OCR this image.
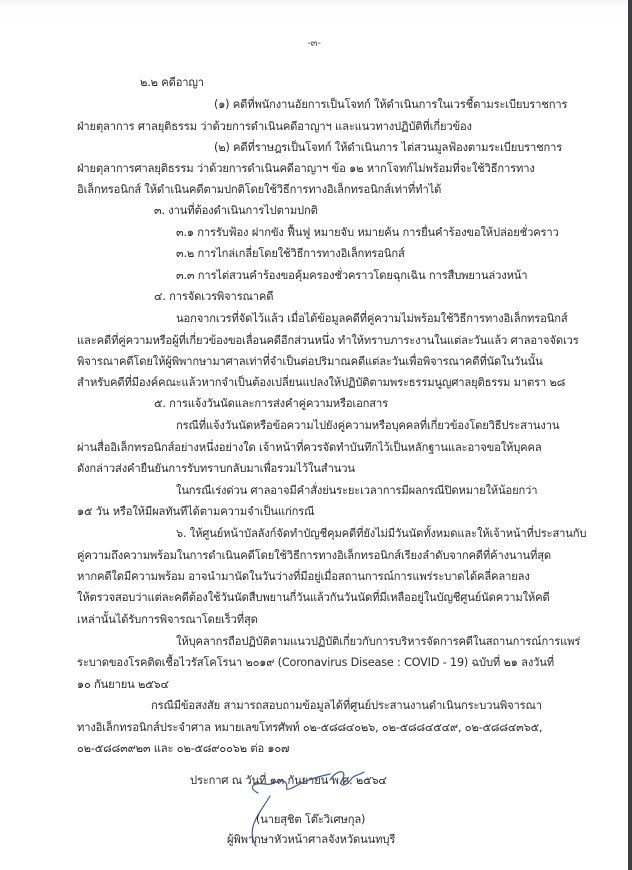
-๓-
๒.๒ คดีอาญา
(๑) คดีที่พนักงานอัยการเป็นโจทก์ ให้ดำเนินการในเวรชี้ตามระเบียบราชการ
ฝ่ายตุลาการ ศาลยุติธรรม ว่าด้วยการดำเนินคดีอาญาฯ และแนวทางปฏิบัติที่เกี่ยวข้อง
(๒) คดีที่ราษฎรเป็นโจทก์ ให้ดำเนินการ ไต่สวนมูลฟ้องตามระเบียบราชการ
ฝ่ายตุลาการศาลยุติธรรม ว่าด้วยการดำเนินคดีอาญาฯ ข้อ ๑๒ หากโจทก์ไม่พร้อมที่จะใช้วิธีการทาง
อิเล็กทรอนิกส์ ให้ดำเนินคดีตามปกติโดยใช้วิธีการทางอิเล็กทรอนิกส์เท่าที่ทำได้
๓. งานที่ต้องดำเนินการไปตามปกติ
๓.๑ การรับฟ้อง ฝากขัง ฟื้นฟู หมายจับ หมายค้น การยื่นคำร้องขอให้ปล่อยชั่วคราว
๓.๒ การไกล่เกลี่ยโดยใช้วิธีการทางอิเล็กทรอนิกส์
๓.๓ การไต่สวนคำร้องขอคุ้มครองชั่วคราวโดยฉุกเฉิน การสืบพยานล่วงหน้า
๔. การจัดเวรพิจารณาคดี
นอกจากเวรที่จัดไว้แล้ว เมื่อได้ข้อมูลคดีที่คู่ความไม่พร้อมใช้วิธีการทางอิเล็กทรอนิกส์
และคดีที่คู่ความหรือผู้ที่เกี่ยวข้องขอเลื่อนคดีอีกส่วนหนึ่ง ทำให้ทราบภาระงานในแต่ละวันแล้ว ศาลอาจจัดเวร
พิจารณาคดีโดยให้ผู้พิพากษามาศาลเท่าที่จำเป็นต่อปริมาณคดีแต่ละวันเพื่อพิจารณาคดีที่นัดในวันนั้น
สำหรับคดีที่มีองค์คณะแล้วหากจำเป็นต้องเปลี่ยนแปลงให้ปฏิบัติตามพระธรรมนูญศาลยุติธรรม มาตรา ๒๘
๕. การแจ้งวันนัดและการส่งคำคู่ความหรือเอกสาร
กรณีที่แจ้งวันนัดหรือข้อความไปยังคู่ความหรือบุคคลที่เกี่ยวข้องโดยวิธีประสานงาน
ผ่านสื่ออิเล็กทรอนิกส์อย่างหนึ่งอย่างใด เจ้าหน้าที่ควรจัดทำบันทึกไว้เป็นหลักฐานและอาจขอให้บุคคล
ดังกล่าวส่งคำยืนยันการรับทราบกลับมาเพื่อรวมไว้ในสำนวน
ในกรณีเร่งด่วน ศาลอาจมีคำสั่งย่นระยะเวลาการมีผลกรณีปิดหมายให้น้อยกว่า
๑๕ วัน หรือให้มีผลทันทีได้ตามความจำเป็นแก่กรณี
๖. ให้ศูนย์หน้าบัลลังก์จัดทำบัญชีคุมคดีที่ยังไม่มีวันนัดทั้งหมดและให้เจ้าหน้าที่ประสานกับ
คู่ความถึงความพร้อมในการดำเนินคดีโดยใช้วิธีการทางอิเล็กทรอนิกส์เรียงลำดับจากคดีที่ค้างนานที่สุด
หากคดีใดมีความพร้อม อาจนำมานัดในวันว่างที่มีอยู่เมื่อสถานการณ์การแพร่ระบาดได้คลี่คลายลง
ให้ตรวจสอบว่าแต่ละคดีต้องใช้วันนัดสืบพยานกี่วันแล้วกันวันนัดที่มีเหลืออยู่ในบัญชีศูนย์นัดความให้คดี
เหล่านั้นได้รับการพิจารณาโดยเร็วที่สุด
ให้บุคลากรถือปฏิบัติตามแนวปฏิบัติเกี่ยวกับการบริหารจัดการคดีในสถานการณ์การแพร่
ระบาดของโรคติดเชื้อไวรัสโคโรนา ๒๐๑๙ (Coronavirus Disease : COVID - 19) ฉบับที่ ๒๑ ลงวันที่
๑๐ กันยายน ๒๕๖๔
กรณีมีข้อสงสัย สามารถสอบถามข้อมูลได้ที่ศูนย์ประสานงานดำเนินกระบวนพิจารณา
ทางอิเล็กทรอนิกส์ประจำศาล หมายเลขโทรศัพท์ ๐๒-๕๘๘๔๐๒๖, ๐๒-๕๘๘๔๕๔๙, ๐๒-๕๘๘๔๓๖๕,
๐๒-๕๘๘๓๙๒๓ และ ๐๒-๕๘๙๐๐๖๒ ต่อ ๑๐๗
ประกาศ ณ วันที่ ๑๓ กันยายน พ.ศ. ๒๕๖๔
(นายสุชิต โต๊ะวิเศษกุล)
ผู้พิพากษาหัวหน้าศาลจังหวัดนนทบุรี
